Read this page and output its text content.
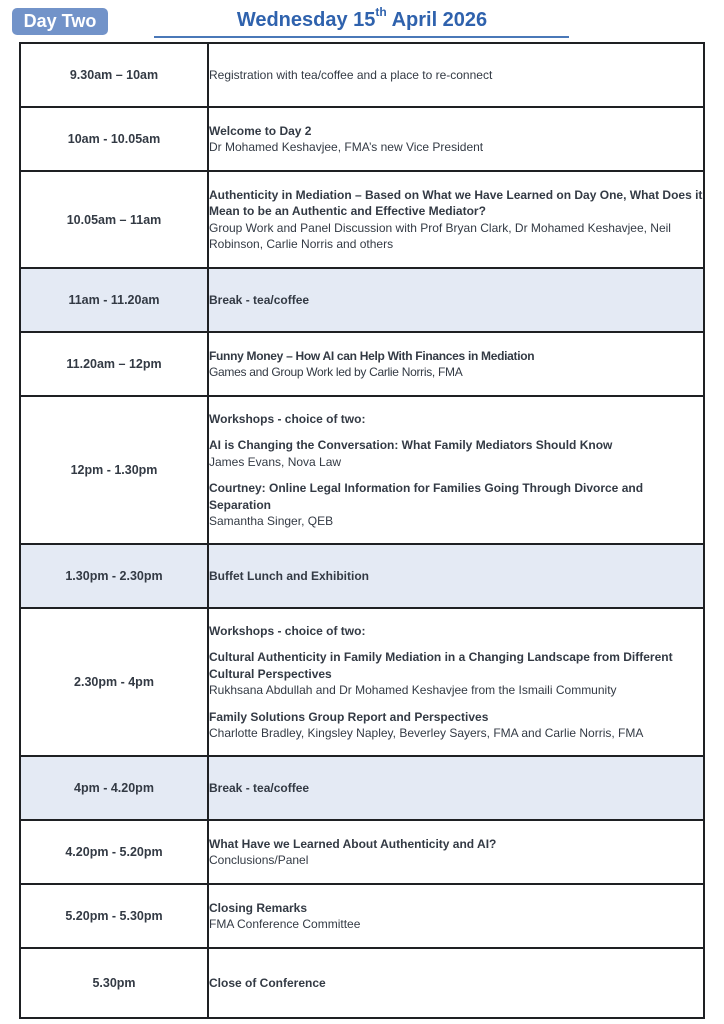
Day Two	Wednesday 15th April 2026
9.30am – 10am	Registration with tea/coffee and a place to re-connect
10am - 10.05am	Welcome to Day 2
Dr Mohamed Keshavjee, FMA’s new Vice President

10.05am – 11am	Authenticity in Mediation – Based on What we Have Learned on Day One, What Does it Mean to be an Authentic and Effective Mediator?
Group Work and Panel Discussion with Prof Bryan Clark, Dr Mohamed Keshavjee, Neil Robinson, Carlie Norris and others

11am - 11.20am	Break - tea/coffee
11.20am – 12pm	Funny Money – How AI can Help With Finances in Mediation
Games and Group Work led by Carlie Norris, FMA

12pm - 1.30pm	Workshops - choice of two:
AI is Changing the Conversation: What Family Mediators Should Know
James Evans, Nova Law
Courtney: Online Legal Information for Families Going Through Divorce and Separation
Samantha Singer, QEB

1.30pm - 2.30pm	Buffet Lunch and Exhibition
2.30pm - 4pm	Workshops - choice of two:
Cultural Authenticity in Family Mediation in a Changing Landscape from Different Cultural Perspectives
Rukhsana Abdullah and Dr Mohamed Keshavjee from the Ismaili Community
Family Solutions Group Report and Perspectives
Charlotte Bradley, Kingsley Napley, Beverley Sayers, FMA and Carlie Norris, FMA

4pm - 4.20pm	Break - tea/coffee
4.20pm - 5.20pm	What Have we Learned About Authenticity and AI?
Conclusions/Panel

5.20pm - 5.30pm	Closing Remarks
FMA Conference Committee

5.30pm	Close of Conference
